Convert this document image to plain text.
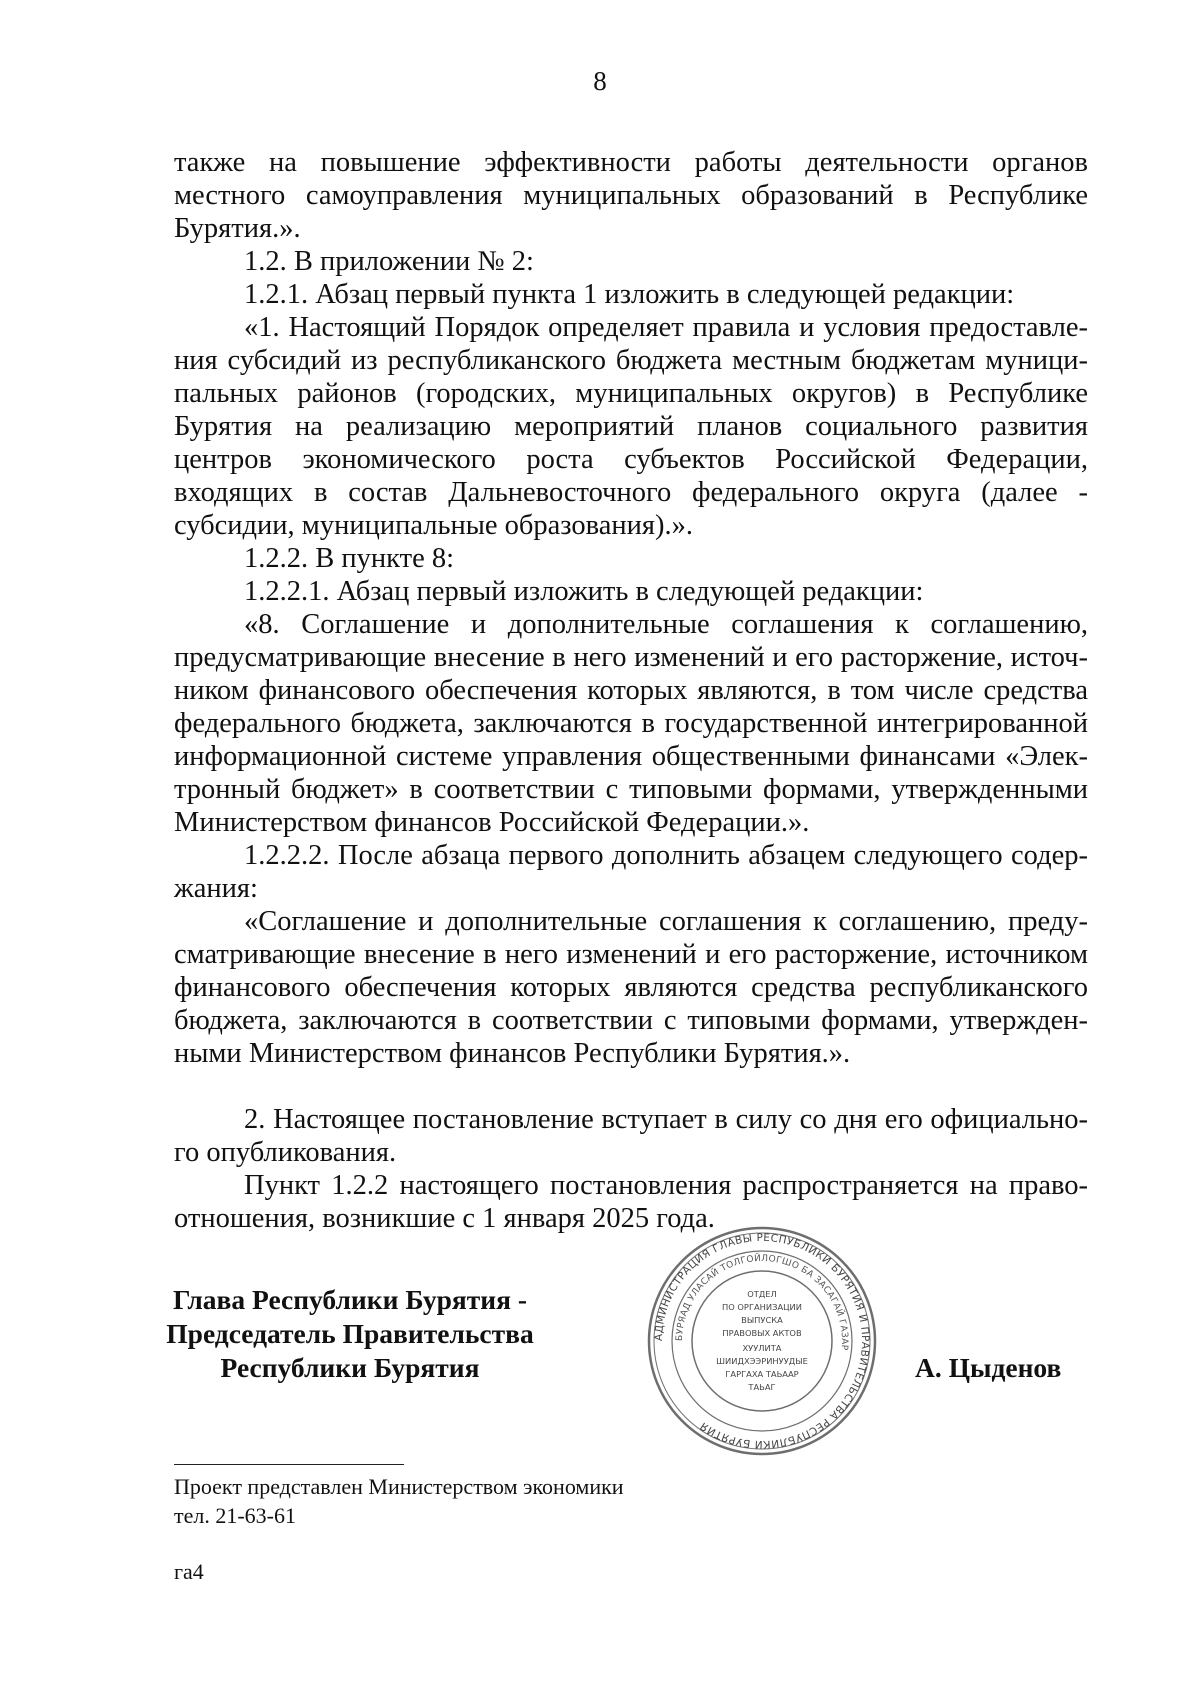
8

также на повышение эффективности работы деятельности органов местного самоуправления муниципальных образований в Республике Бурятия.».

1.2. В приложении № 2:

1.2.1. Абзац первый пункта 1 изложить в следующей редакции:

«1. Настоящий Порядок определяет правила и условия предоставления субсидий из республиканского бюджета местным бюджетам муниципальных районов (городских, муниципальных округов) в Республике Бурятия на реализацию мероприятий планов социального развития центров экономического роста субъектов Российской Федерации, входящих в состав Дальневосточного федерального округа (далее - субсидии, муниципальные образования).».

1.2.2. В пункте 8:

1.2.2.1. Абзац первый изложить в следующей редакции:

«8. Соглашение и дополнительные соглашения к соглашению, предусматривающие внесение в него изменений и его расторжение, источником финансового обеспечения которых являются, в том числе средства федерального бюджета, заключаются в государственной интегрированной информационной системе управления общественными финансами «Электронный бюджет» в соответствии с типовыми формами, утвержденными Министерством финансов Российской Федерации.».

1.2.2.2. После абзаца первого дополнить абзацем следующего содержания:

«Соглашение и дополнительные соглашения к соглашению, предусматривающие внесение в него изменений и его расторжение, источником финансового обеспечения которых являются средства республиканского бюджета, заключаются в соответствии с типовыми формами, утвержденными Министерством финансов Республики Бурятия.».

2. Настоящее постановление вступает в силу со дня его официального опубликования.

Пункт 1.2.2 настоящего постановления распространяется на правоотношения, возникшие с 1 января 2025 года.

Глава Республики Бурятия -
Председатель Правительства
Республики Бурятия
АДМИНИСТРАЦИЯ ГЛАВЫ РЕСПУБЛИКИ БУРЯТИЯ И ПРАВИТЕЛЬСТВА РЕСПУБЛИКИ БУРЯТИЯ
БУРЯАД УЛАСАЙ ТОЛГОЙЛОГШО БА ЗАСАГАЙ ГАЗАР
ОТДЕЛ
ПО ОРГАНИЗАЦИИ
ВЫПУСКА
ПРАВОВЫХ АКТОВ
ХУУЛИТА
ШИИДХЭЭРИНУУДЫЕ
ГАРГАХА ТАЬААР
ТАЬАГ
А. Цыденов
Проект представлен Министерством экономики
тел. 21-63-61
га4
